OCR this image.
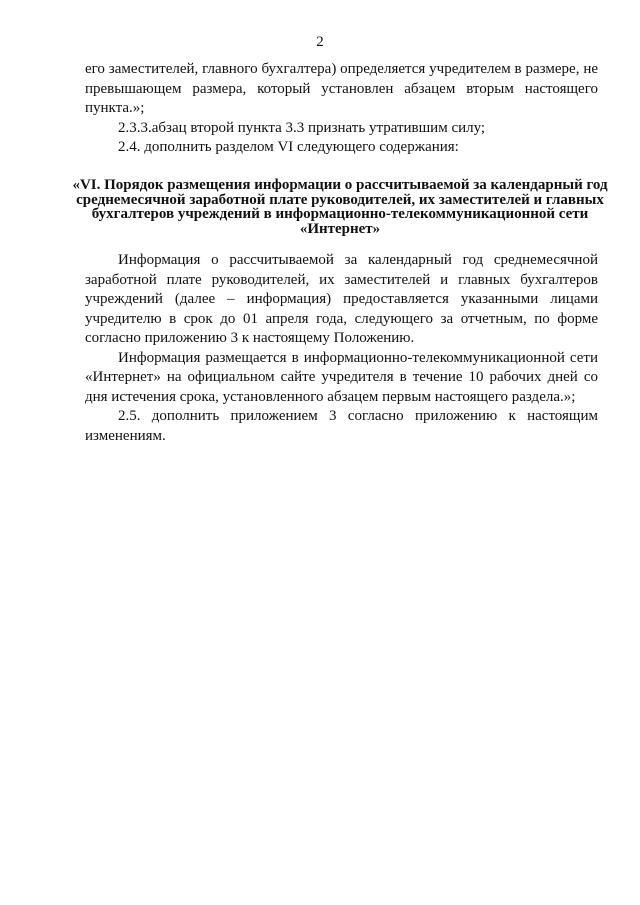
2

его заместителей, главного бухгалтера) определяется учредителем в размере, не превышающем размера, который установлен абзацем вторым настоящего пункта.»;

2.3.3.абзац второй пункта 3.3 признать утратившим силу;

2.4. дополнить разделом VI следующего содержания:

«VI. Порядок размещения информации о рассчитываемой за календарный год среднемесячной заработной плате руководителей, их заместителей и главных бухгалтеров учреждений в информационно-телекоммуникационной сети «Интернет»

Информация о рассчитываемой за календарный год среднемесячной заработной плате руководителей, их заместителей и главных бухгалтеров учреждений (далее – информация) предоставляется указанными лицами учредителю в срок до 01 апреля года, следующего за отчетным, по форме согласно приложению 3 к настоящему Положению.

Информация размещается в информационно-телекоммуникационной сети «Интернет» на официальном сайте учредителя в течение 10 рабочих дней со дня истечения срока, установленного абзацем первым настоящего раздела.»;

2.5. дополнить приложением 3 согласно приложению к настоящим изменениям.
